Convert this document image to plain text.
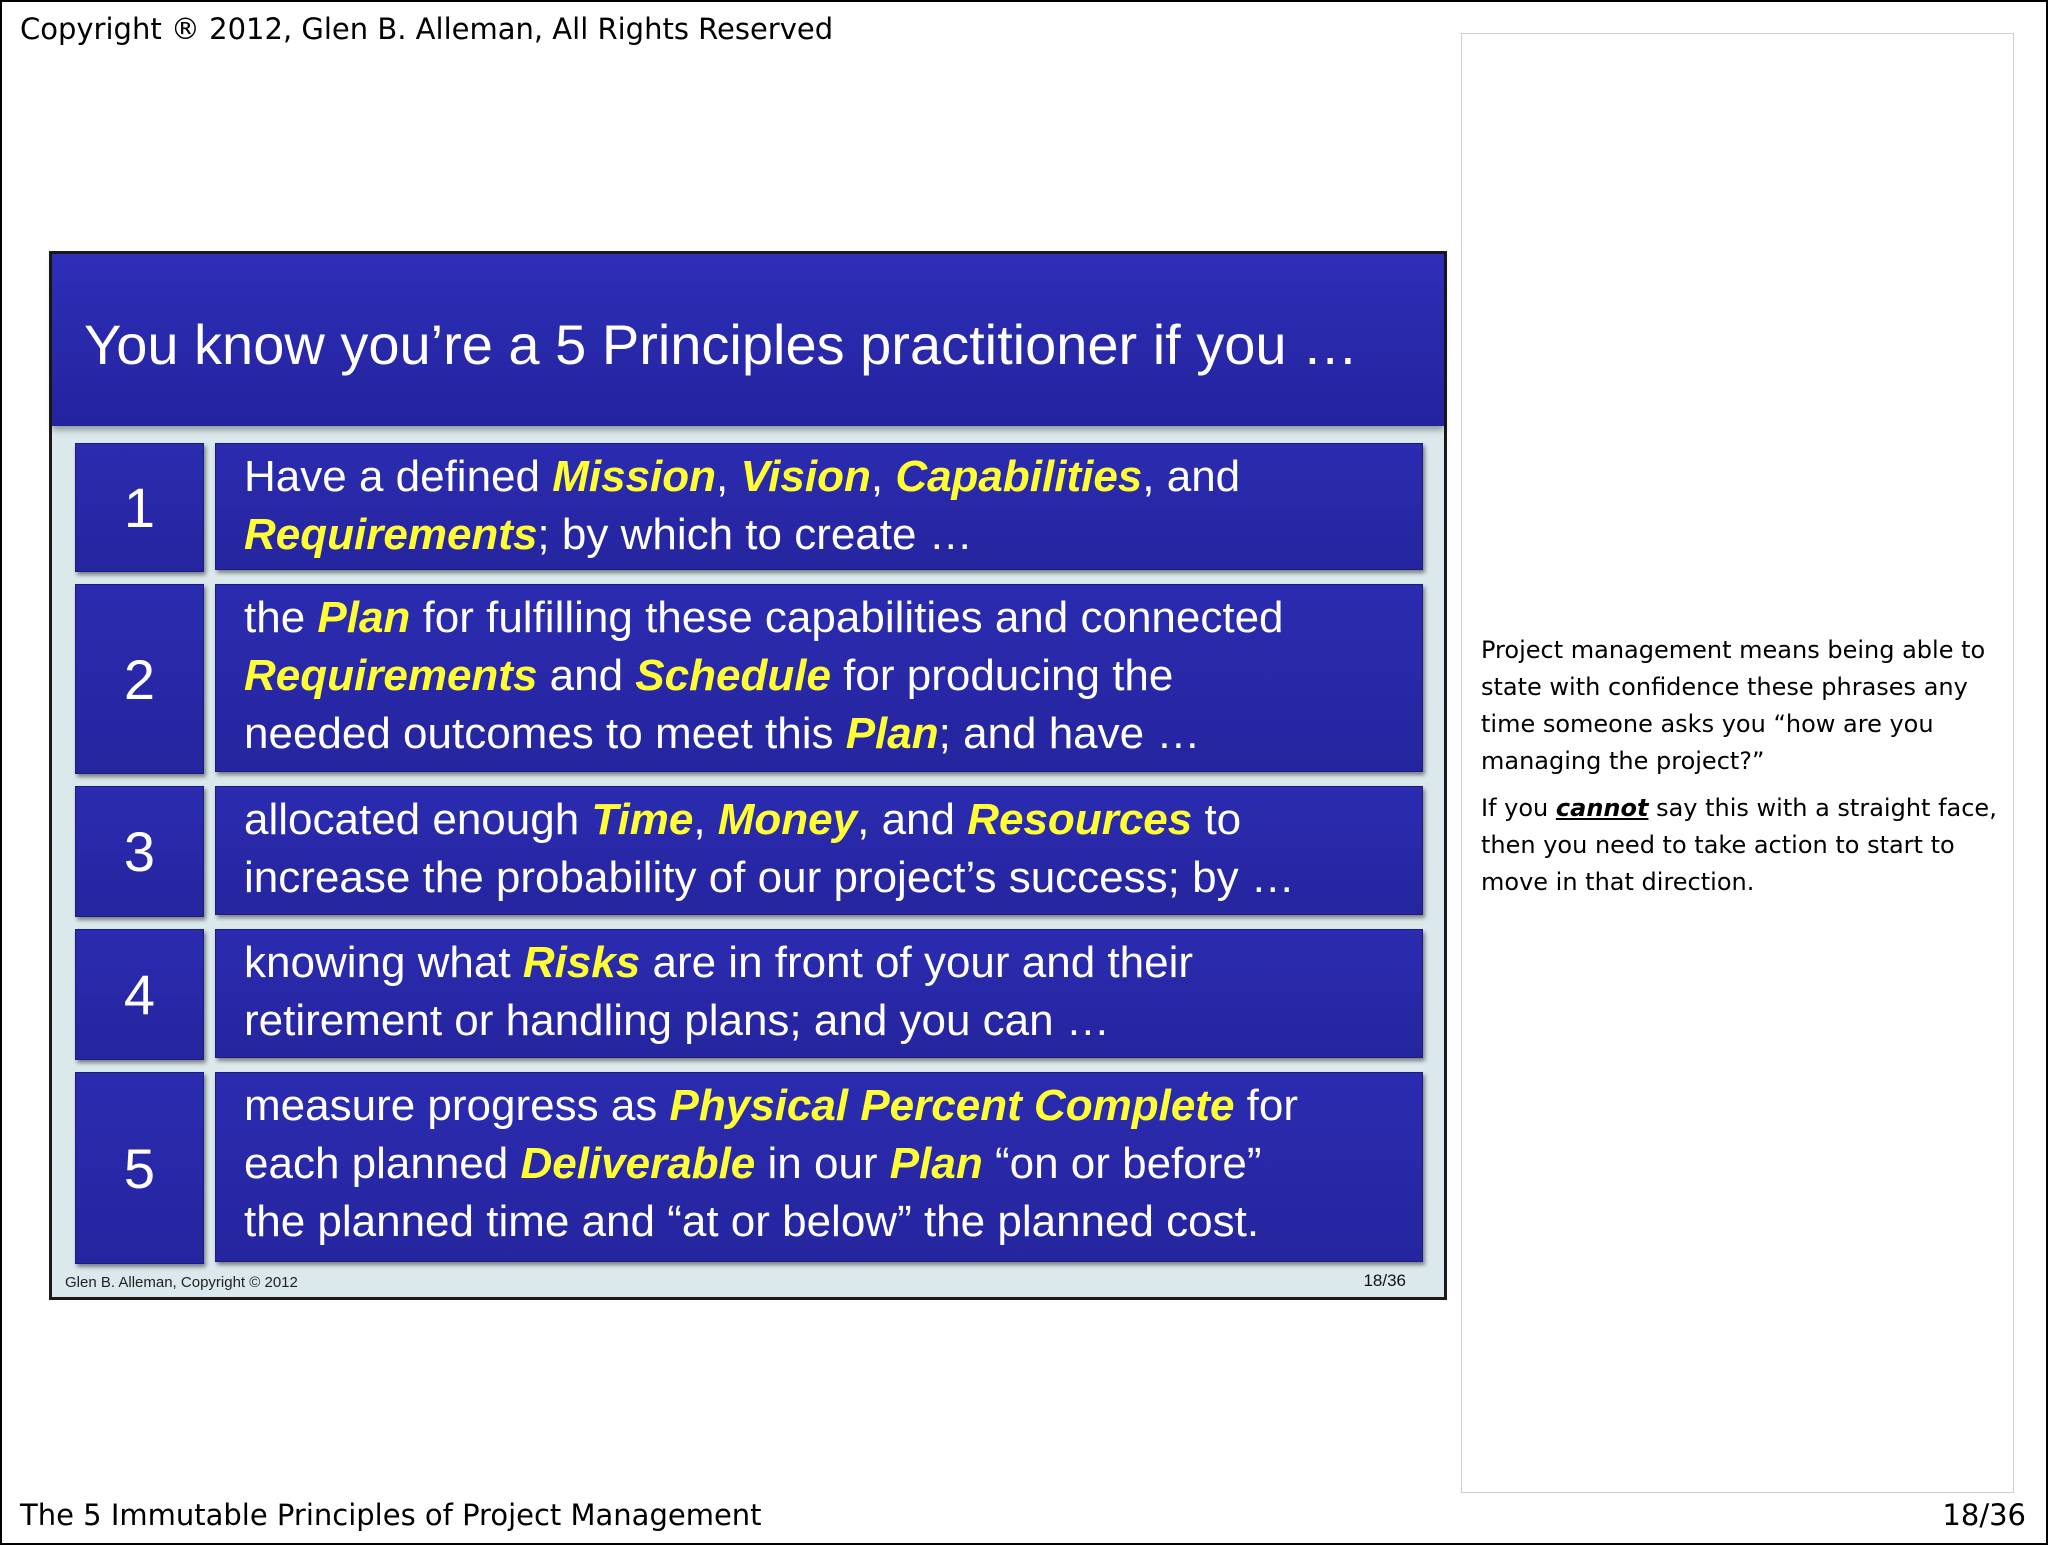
Copyright ® 2012, Glen B. Alleman, All Rights Reserved
You know you’re a 5 Principles practitioner if you …
1	Have a defined Mission, Vision, Capabilities, and
Requirements; by which to create …
2
the Plan for fulfilling these capabilities and connected
Requirements and Schedule for producing the
needed outcomes to meet this Plan; and have …
3
allocated enough Time, Money, and Resources to
increase the probability of our project’s success; by …
4
knowing what Risks are in front of your and their
retirement or handling plans; and you can …
5
measure progress as Physical Percent Complete for
each planned Deliverable in our Plan “on or before”
the planned time and “at or below” the planned cost.
Glen B. Alleman, Copyright © 2012	18/36

Project management means being able to state with confidence these phrases any time someone asks you “how are you managing the project?”

If you cannot say this with a straight face, then you need to take action to start to move in that direction.

The 5 Immutable Principles of Project Management	18/36
